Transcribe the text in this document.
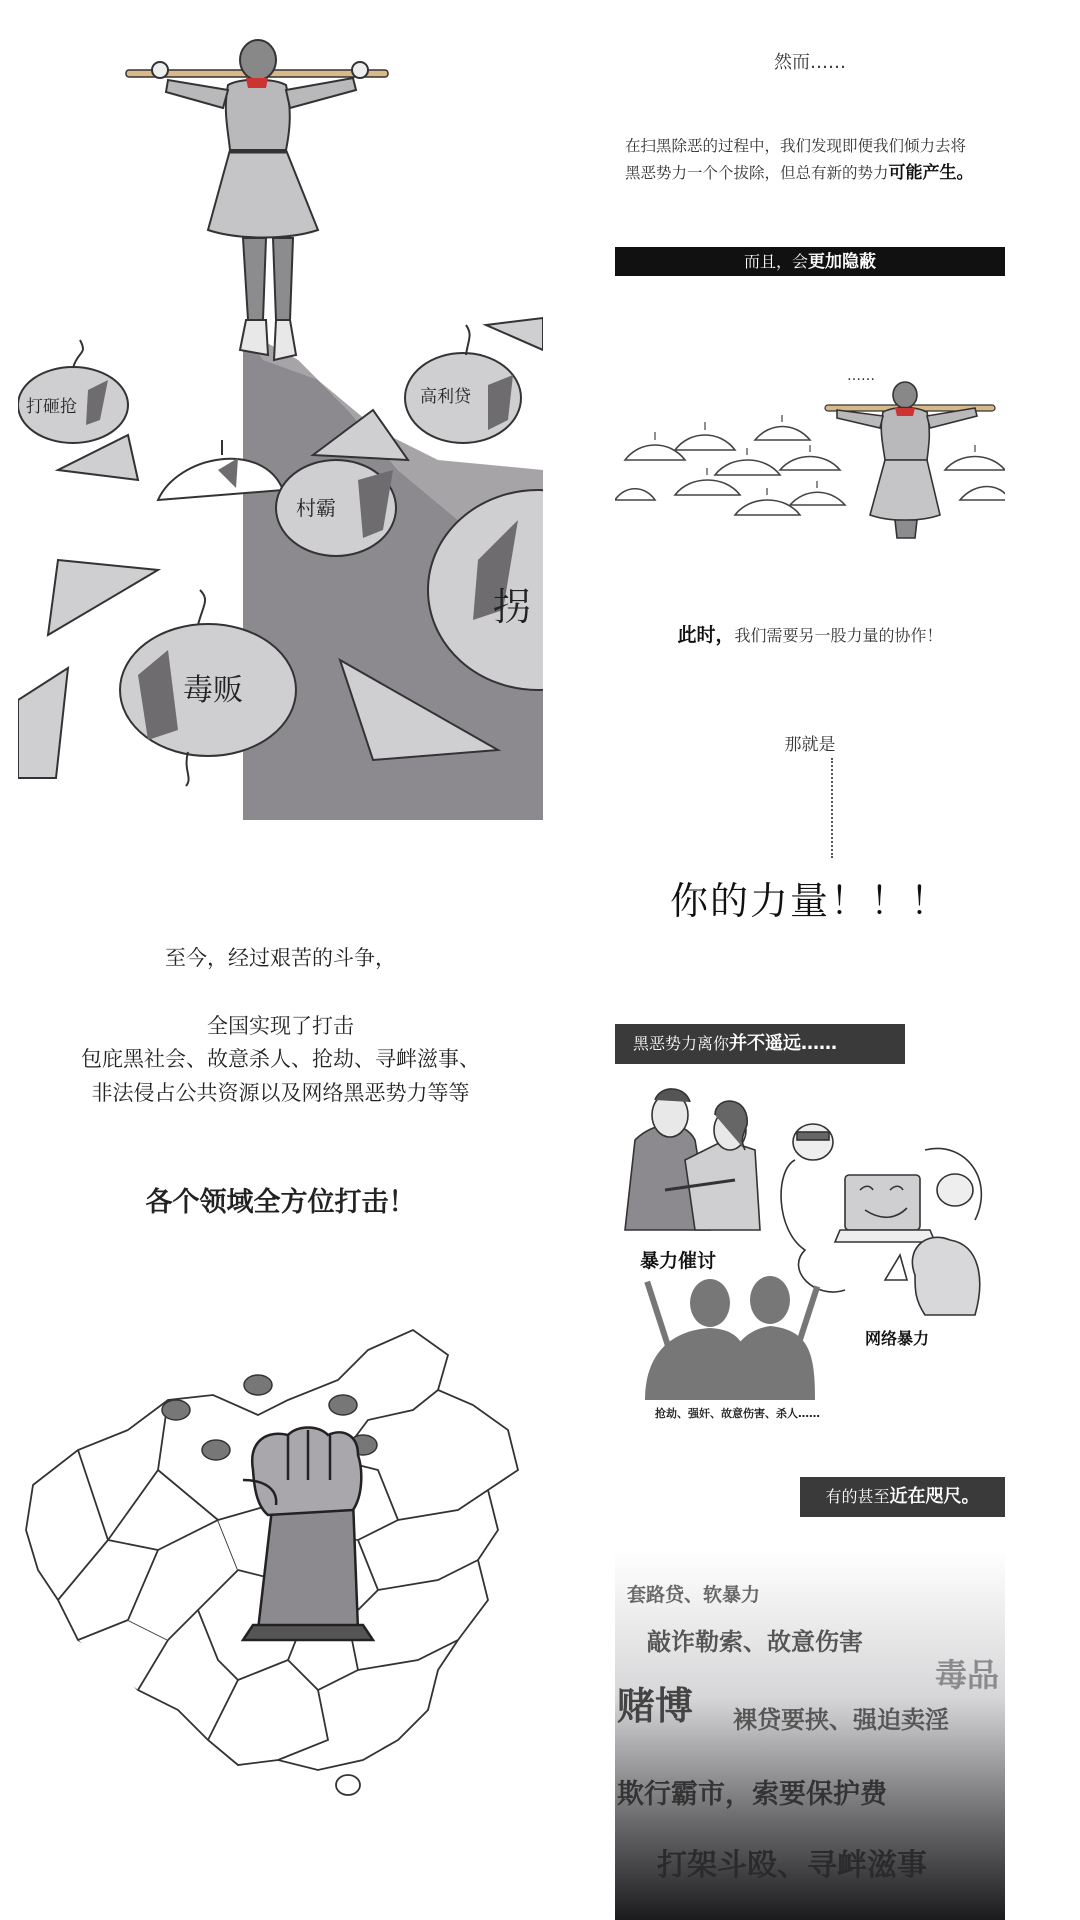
打砸抢	高利贷
村霸
拐
毒贩
至今，经过艰苦的斗争，
全国实现了打击
包庇黑社会、故意杀人、抢劫、寻衅滋事、
非法侵占公共资源以及网络黑恶势力等等
各个领域全方位打击！
然而……
在扫黑除恶的过程中，我们发现即便我们倾力去将
黑恶势力一个个拔除，但总有新的势力可能产生。
而且，会更加隐蔽
……
此时，我们需要另一股力量的协作！
那就是
你的力量！！！
黑恶势力离你并不遥远……
暴力催讨
网络暴力
抢劫、强奸、故意伤害、杀人……
有的甚至近在咫尺。
套路贷、软暴力
敲诈勒索、故意伤害
毒品
赌博 裸贷要挟、强迫卖淫
欺行霸市，索要保护费
打架斗殴、寻衅滋事
